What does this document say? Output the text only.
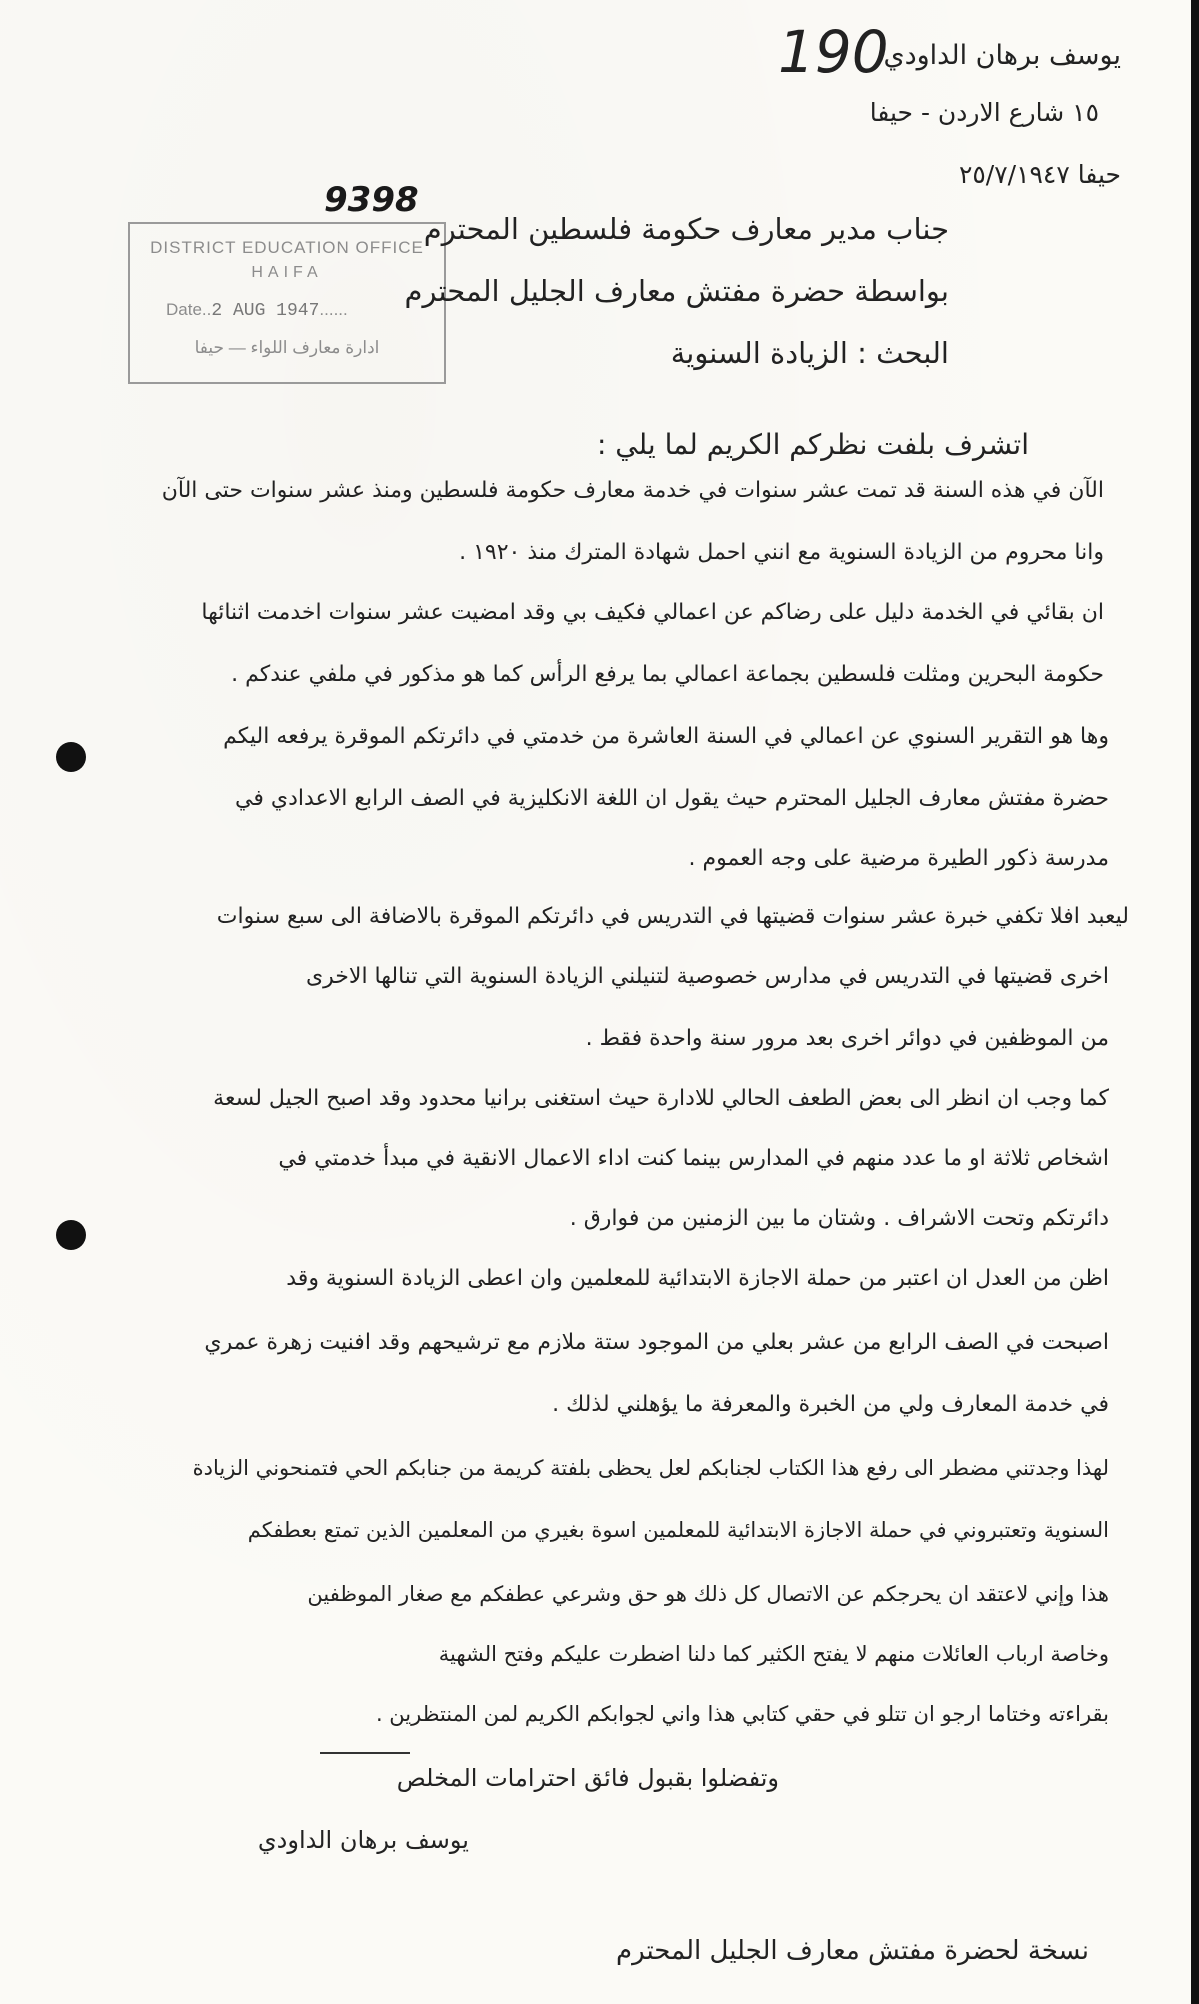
190
يوسف برهان الداودي
١٥ شارع الاردن - حيفا
حيفا ٢٥/٧/١٩٤٧
9398
DISTRICT EDUCATION OFFICE
HAIFA
Date..2 AUG 1947......
ادارة معارف اللواء — حيفا
جناب مدير معارف حكومة فلسطين المحترم
بواسطة حضرة مفتش معارف الجليل المحترم
البحث : الزيادة السنوية
اتشرف بلفت نظركم الكريم لما يلي :
الآن في هذه السنة قد تمت عشر سنوات في خدمة معارف حكومة فلسطين ومنذ عشر سنوات حتى الآن
وانا محروم من الزيادة السنوية مع انني احمل شهادة المترك منذ ١٩٢٠ .
ان بقائي في الخدمة دليل على رضاكم عن اعمالي فكيف بي وقد امضيت عشر سنوات اخدمت اثنائها
حكومة البحرين ومثلت فلسطين بجماعة اعمالي بما يرفع الرأس كما هو مذكور في ملفي عندكم .
وها هو التقرير السنوي عن اعمالي في السنة العاشرة من خدمتي في دائرتكم الموقرة يرفعه اليكم
حضرة مفتش معارف الجليل المحترم حيث يقول ان اللغة الانكليزية في الصف الرابع الاعدادي في
مدرسة ذكور الطيرة مرضية على وجه العموم .
ليعبد افلا تكفي خبرة عشر سنوات قضيتها في التدريس في دائرتكم الموقرة بالاضافة الى سبع سنوات
اخرى قضيتها في التدريس في مدارس خصوصية لتنيلني الزيادة السنوية التي تنالها الاخرى
من الموظفين في دوائر اخرى بعد مرور سنة واحدة فقط .
كما وجب ان انظر الى بعض الطعف الحالي للادارة حيث استغنى برانيا محدود وقد اصبح الجيل لسعة
اشخاص ثلاثة او ما عدد منهم في المدارس بينما كنت اداء الاعمال الانقية في مبدأ خدمتي في
دائرتكم وتحت الاشراف . وشتان ما بين الزمنين من فوارق .
اظن من العدل ان اعتبر من حملة الاجازة الابتدائية للمعلمين وان اعطى الزيادة السنوية وقد
اصبحت في الصف الرابع من عشر بعلي من الموجود ستة ملازم مع ترشيحهم وقد افنيت زهرة عمري
في خدمة المعارف ولي من الخبرة والمعرفة ما يؤهلني لذلك .
لهذا وجدتني مضطر الى رفع هذا الكتاب لجنابكم لعل يحظى بلفتة كريمة من جنابكم الحي فتمنحوني الزيادة
السنوية وتعتبروني في حملة الاجازة الابتدائية للمعلمين اسوة بغيري من المعلمين الذين تمتع بعطفكم
هذا وإني لاعتقد ان يحرجكم عن الاتصال كل ذلك هو حق وشرعي عطفكم مع صغار الموظفين
وخاصة ارباب العائلات منهم لا يفتح الكثير كما دلنا اضطرت عليكم وفتح الشهية
بقراءته وختاما ارجو ان تتلو في حقي كتابي هذا واني لجوابكم الكريم لمن المنتظرين .
وتفضلوا بقبول فائق احترامات المخلص
يوسف برهان الداودي
نسخة لحضرة مفتش معارف الجليل المحترم
